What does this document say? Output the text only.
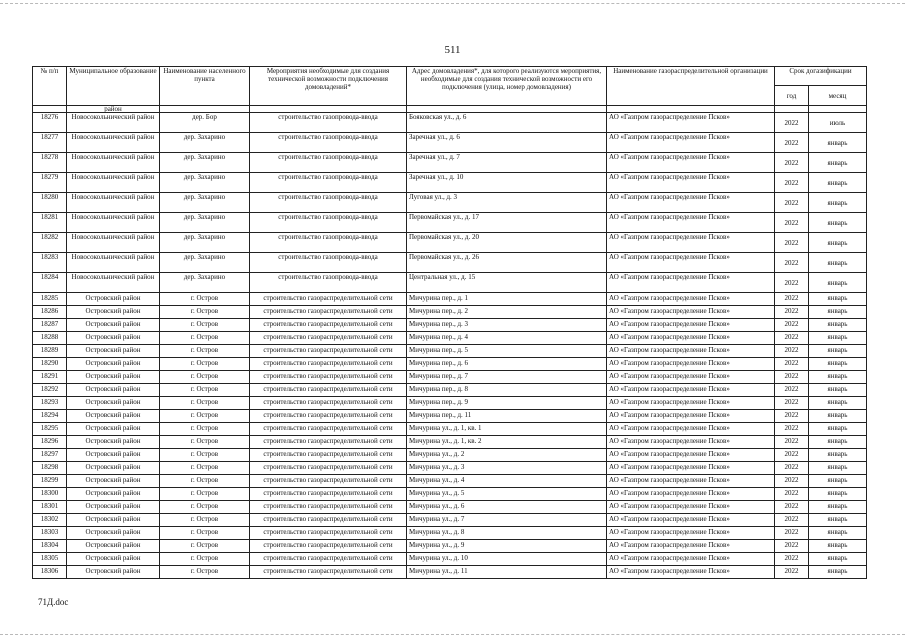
511
№ п/п	Муниципальное образование	Наименование населенного пункта	Мероприятия необходимые для создания технической возможности подключения домовладений*	Адрес домовладения*, для которого реализуются мероприятия, необходимые для создания технической возможности его подключения (улица, номер домовладения)	Наименование газораспределительной организации	Срок догазификации	
						год	месяц
	район						
18276	Новосокольнический район	дер. Бор	строительство газопровода-ввода	Бояковская ул., д. 6	АО «Газпром газораспределение Псков»	2022	июль
18277	Новосокольнический район	дер. Захарино	строительство газопровода-ввода	Заречная ул., д. 6	АО «Газпром газораспределение Псков»	2022	январь
18278	Новосокольнический район	дер. Захарино	строительство газопровода-ввода	Заречная ул., д. 7	АО «Газпром газораспределение Псков»	2022	январь
18279	Новосокольнический район	дер. Захарино	строительство газопровода-ввода	Заречная ул., д. 10	АО «Газпром газораспределение Псков»	2022	январь
18280	Новосокольнический район	дер. Захарино	строительство газопровода-ввода	Луговая ул., д. 3	АО «Газпром газораспределение Псков»	2022	январь
18281	Новосокольнический район	дер. Захарино	строительство газопровода-ввода	Первомайская ул., д. 17	АО «Газпром газораспределение Псков»	2022	январь
18282	Новосокольнический район	дер. Захарино	строительство газопровода-ввода	Первомайская ул., д. 20	АО «Газпром газораспределение Псков»	2022	январь
18283	Новосокольнический район	дер. Захарино	строительство газопровода-ввода	Первомайская ул., д. 26	АО «Газпром газораспределение Псков»	2022	январь
18284	Новосокольнический район	дер. Захарино	строительство газопровода-ввода	Центральная ул., д. 15	АО «Газпром газораспределение Псков»	2022	январь
18285	Островский район	г. Остров	строительство газораспределительной сети	Мичурина пер., д. 1	АО «Газпром газораспределение Псков»	2022	январь
18286	Островский район	г. Остров	строительство газораспределительной сети	Мичурина пер., д. 2	АО «Газпром газораспределение Псков»	2022	январь
18287	Островский район	г. Остров	строительство газораспределительной сети	Мичурина пер., д. 3	АО «Газпром газораспределение Псков»	2022	январь
18288	Островский район	г. Остров	строительство газораспределительной сети	Мичурина пер., д. 4	АО «Газпром газораспределение Псков»	2022	январь
18289	Островский район	г. Остров	строительство газораспределительной сети	Мичурина пер., д. 5	АО «Газпром газораспределение Псков»	2022	январь
18290	Островский район	г. Остров	строительство газораспределительной сети	Мичурина пер., д. 6	АО «Газпром газораспределение Псков»	2022	январь
18291	Островский район	г. Остров	строительство газораспределительной сети	Мичурина пер., д. 7	АО «Газпром газораспределение Псков»	2022	январь
18292	Островский район	г. Остров	строительство газораспределительной сети	Мичурина пер., д. 8	АО «Газпром газораспределение Псков»	2022	январь
18293	Островский район	г. Остров	строительство газораспределительной сети	Мичурина пер., д. 9	АО «Газпром газораспределение Псков»	2022	январь
18294	Островский район	г. Остров	строительство газораспределительной сети	Мичурина пер., д. 11	АО «Газпром газораспределение Псков»	2022	январь
18295	Островский район	г. Остров	строительство газораспределительной сети	Мичурина ул., д. 1, кв. 1	АО «Газпром газораспределение Псков»	2022	январь
18296	Островский район	г. Остров	строительство газораспределительной сети	Мичурина ул., д. 1, кв. 2	АО «Газпром газораспределение Псков»	2022	январь
18297	Островский район	г. Остров	строительство газораспределительной сети	Мичурина ул., д. 2	АО «Газпром газораспределение Псков»	2022	январь
18298	Островский район	г. Остров	строительство газораспределительной сети	Мичурина ул., д. 3	АО «Газпром газораспределение Псков»	2022	январь
18299	Островский район	г. Остров	строительство газораспределительной сети	Мичурина ул., д. 4	АО «Газпром газораспределение Псков»	2022	январь
18300	Островский район	г. Остров	строительство газораспределительной сети	Мичурина ул., д. 5	АО «Газпром газораспределение Псков»	2022	январь
18301	Островский район	г. Остров	строительство газораспределительной сети	Мичурина ул., д. 6	АО «Газпром газораспределение Псков»	2022	январь
18302	Островский район	г. Остров	строительство газораспределительной сети	Мичурина ул., д. 7	АО «Газпром газораспределение Псков»	2022	январь
18303	Островский район	г. Остров	строительство газораспределительной сети	Мичурина ул., д. 8	АО «Газпром газораспределение Псков»	2022	январь
18304	Островский район	г. Остров	строительство газораспределительной сети	Мичурина ул., д. 9	АО «Газпром газораспределение Псков»	2022	январь
18305	Островский район	г. Остров	строительство газораспределительной сети	Мичурина ул., д. 10	АО «Газпром газораспределение Псков»	2022	январь
18306	Островский район	г. Остров	строительство газораспределительной сети	Мичурина ул., д. 11	АО «Газпром газораспределение Псков»	2022	январь
71Д.doc
